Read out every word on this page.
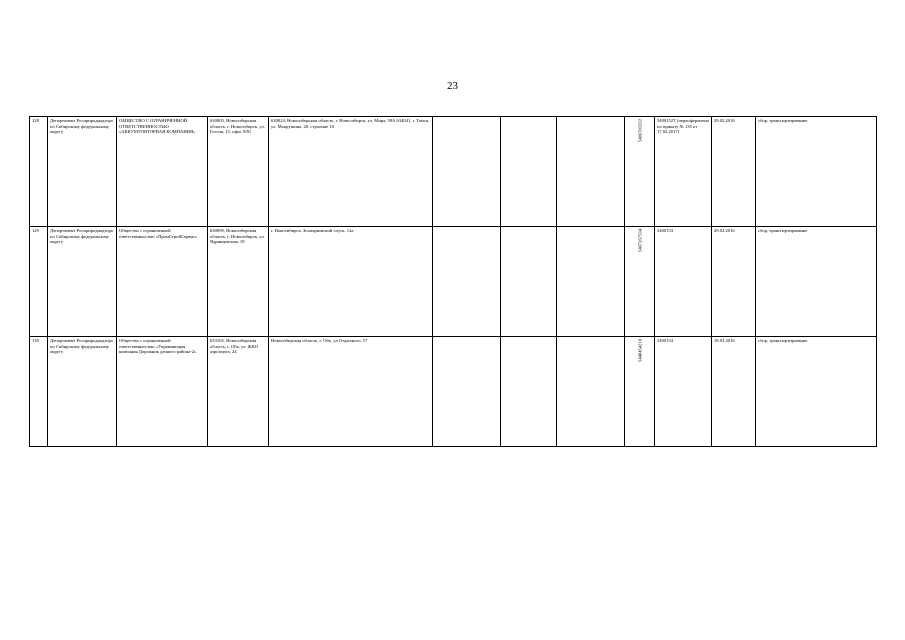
23
128	Департамент Росприроднадзора по Сибирскому федеральному округу	ОБЩЕСТВО С ОГРАНИЧЕННОЙ ОТВЕТСТВЕННОСТЬЮ «АККУМУЛЯТОРНАЯ КОМПАНИЯ»	630005, Новосибирская область, г. Новосибирск, ул. Гоголя, 15, офис 8/81	630024, Новосибирская область, г. Новосибирск, ул. Мира, 58А 634041, г. Томск, ул. Мокрушина, 20, строение 10				5406703332	5400152Т (переоформлена по приказу № 135 от 17.02.2017)	29.02.2016	сбор, транспортирование
129	Департамент Росприроднадзора по Сибирскому федеральному округу	Общество с ограниченной ответственностью «ПромСтройСервис»	630099, Новосибирская область, г. Новосибирск, ул. Ядринцевская, 18	г. Новосибирск, Зоопарковский спуск, 12а				5407267534	5400153	29.02.2016	сбор, транспортирование
130	Департамент Росприроднадзора по Сибирскому федеральному округу	Общество с ограниченной ответственностью «Управляющая компания Дорожник дачного района-2»	633102, Новосибирская область, г. Обь, ул. ЖКО аэропорта, 24	Новосибирская область, г. Обь, ул.Отдыхного, 57				5448454218	5400154	18.03.2016	сбор, транспортирование
